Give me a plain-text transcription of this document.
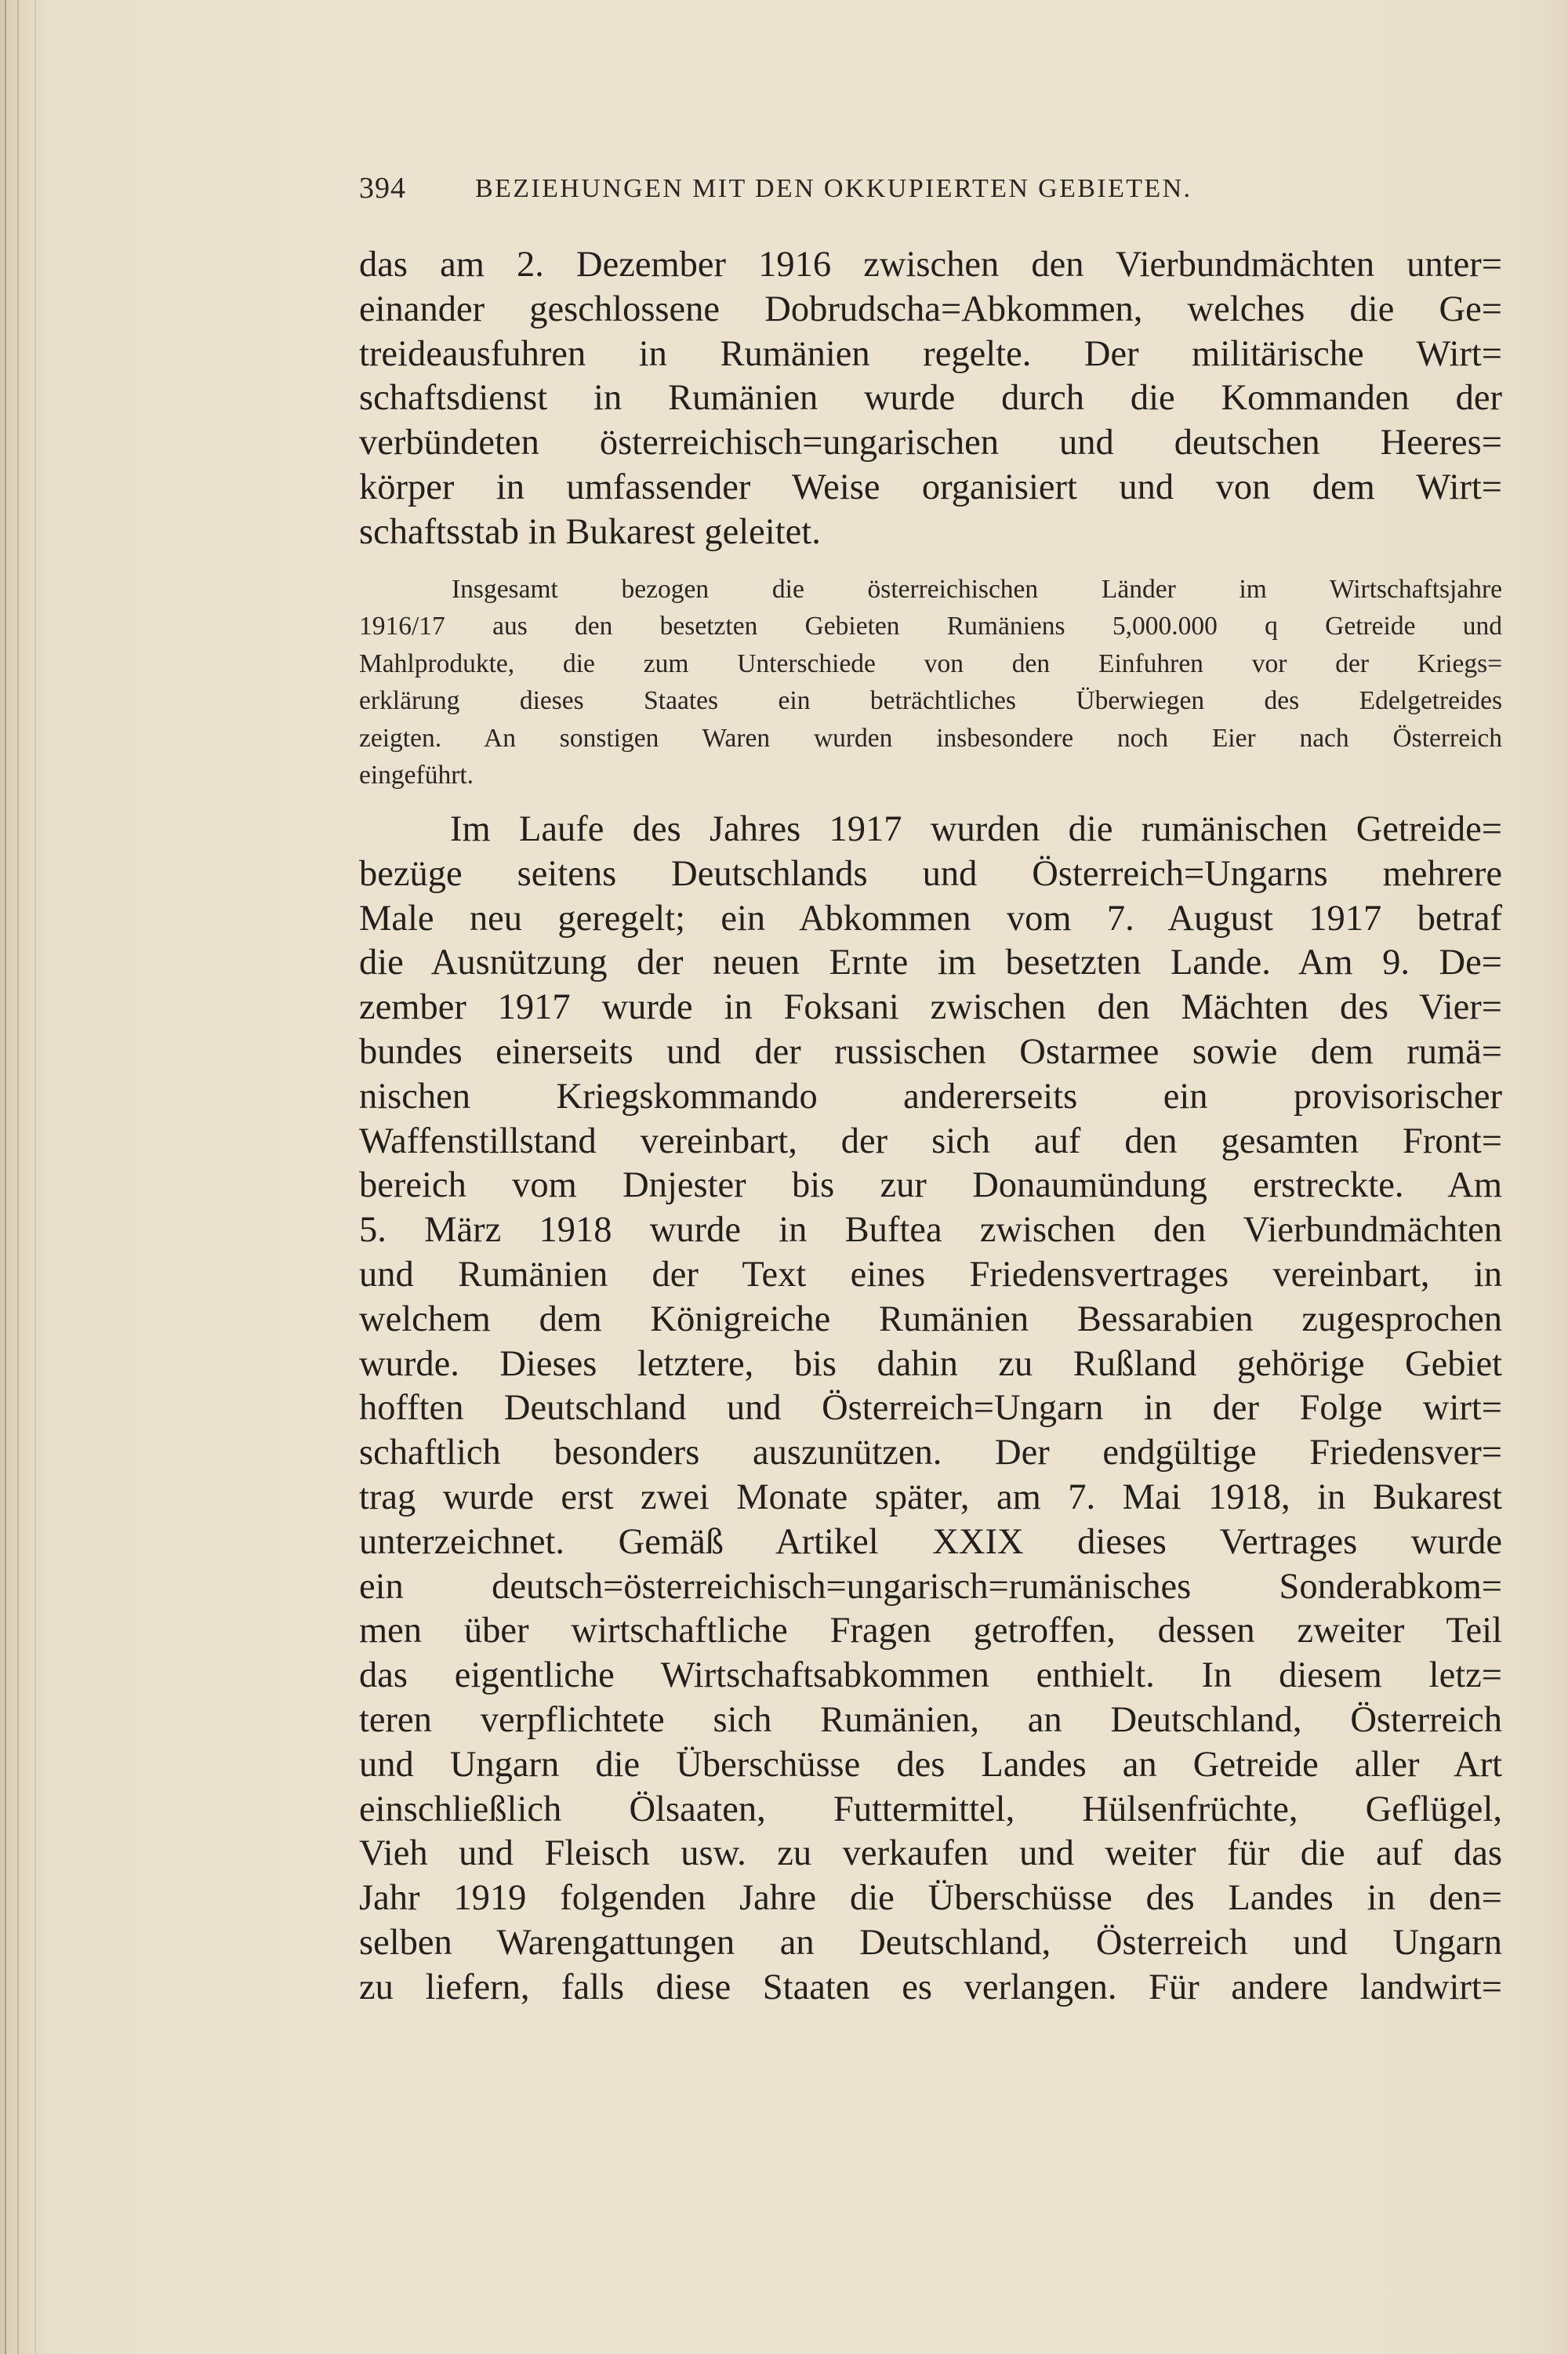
394	BEZIEHUNGEN MIT DEN OKKUPIERTEN GEBIETEN.
das am 2. Dezember 1916 zwischen den Vierbundmächten unter=
einander geschlossene Dobrudscha=Abkommen, welches die Ge=
treideausfuhren in Rumänien regelte. Der militärische Wirt=
schaftsdienst in Rumänien wurde durch die Kommanden der
verbündeten österreichisch=ungarischen und deutschen Heeres=
körper in umfassender Weise organisiert und von dem Wirt=
schaftsstab in Bukarest geleitet.
Insgesamt bezogen die österreichischen Länder im Wirtschaftsjahre
1916/17 aus den besetzten Gebieten Rumäniens 5,000.000 q Getreide und
Mahlprodukte, die zum Unterschiede von den Einfuhren vor der Kriegs=
erklärung dieses Staates ein beträchtliches Überwiegen des Edelgetreides
zeigten. An sonstigen Waren wurden insbesondere noch Eier nach Österreich
eingeführt.
Im Laufe des Jahres 1917 wurden die rumänischen Getreide=
bezüge seitens Deutschlands und Österreich=Ungarns mehrere
Male neu geregelt; ein Abkommen vom 7. August 1917 betraf
die Ausnützung der neuen Ernte im besetzten Lande. Am 9. De=
zember 1917 wurde in Foksani zwischen den Mächten des Vier=
bundes einerseits und der russischen Ostarmee sowie dem rumä=
nischen Kriegskommando andererseits ein provisorischer
Waffenstillstand vereinbart, der sich auf den gesamten Front=
bereich vom Dnjester bis zur Donaumündung erstreckte. Am
5. März 1918 wurde in Buftea zwischen den Vierbundmächten
und Rumänien der Text eines Friedensvertrages vereinbart, in
welchem dem Königreiche Rumänien Bessarabien zugesprochen
wurde. Dieses letztere, bis dahin zu Rußland gehörige Gebiet
hofften Deutschland und Österreich=Ungarn in der Folge wirt=
schaftlich besonders auszunützen. Der endgültige Friedensver=
trag wurde erst zwei Monate später, am 7. Mai 1918, in Bukarest
unterzeichnet. Gemäß Artikel XXIX dieses Vertrages wurde
ein deutsch=österreichisch=ungarisch=rumänisches Sonderabkom=
men über wirtschaftliche Fragen getroffen, dessen zweiter Teil
das eigentliche Wirtschaftsabkommen enthielt. In diesem letz=
teren verpflichtete sich Rumänien, an Deutschland, Österreich
und Ungarn die Überschüsse des Landes an Getreide aller Art
einschließlich Ölsaaten, Futtermittel, Hülsenfrüchte, Geflügel,
Vieh und Fleisch usw. zu verkaufen und weiter für die auf das
Jahr 1919 folgenden Jahre die Überschüsse des Landes in den=
selben Warengattungen an Deutschland, Österreich und Ungarn
zu liefern, falls diese Staaten es verlangen. Für andere landwirt=
